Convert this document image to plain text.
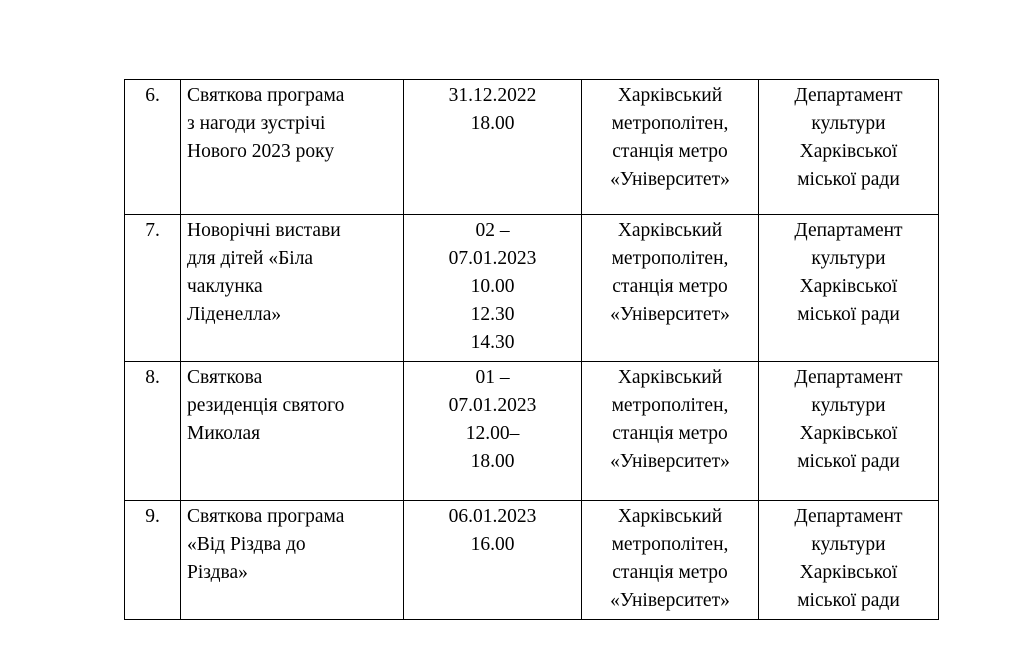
6.	Святкова програма
з нагоди зустрічі
Нового 2023 року	31.12.2022
18.00	Харківський
метрополітен,
станція метро
«Університет»	Департамент
культури
Харківської
міської ради

7.	Новорічні вистави
для дітей «Біла
чаклунка
Ліденелла»	02 –
07.01.2023
10.00
12.30
14.30	Харківський
метрополітен,
станція метро
«Університет»	Департамент
культури
Харківської
міської ради

8.	Святкова
резиденція святого
Миколая	01 –
07.01.2023
12.00–
18.00	Харківський
метрополітен,
станція метро
«Університет»	Департамент
культури
Харківської
міської ради

9.	Святкова програма
«Від Різдва до
Різдва»	06.01.2023
16.00	Харківський
метрополітен,
станція метро
«Університет»	Департамент
культури
Харківської
міської ради
